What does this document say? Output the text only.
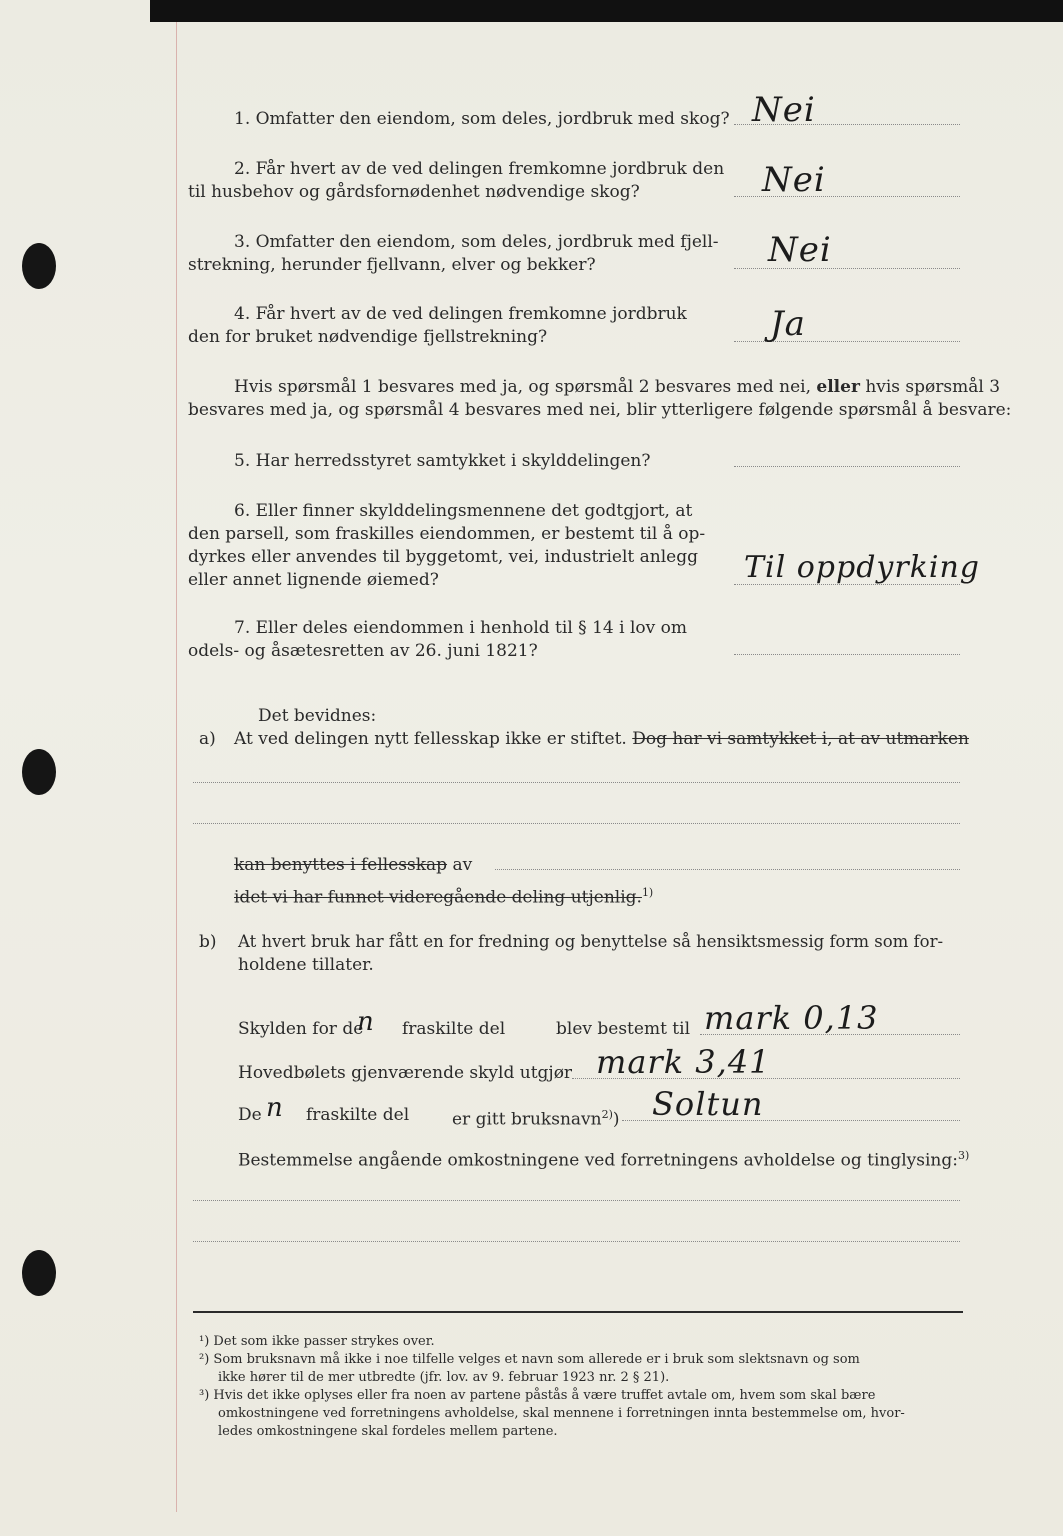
1. Omfatter den eiendom, som deles, jordbruk med skog? Nei
2. Får hvert av de ved delingen fremkomne jordbruk den
til husbehov og gårdsfornødenhet nødvendige skog?	Nei
3. Omfatter den eiendom, som deles, jordbruk med fjell-
strekning, herunder fjellvann, elver og bekker?	Nei
4. Får hvert av de ved delingen fremkomne jordbruk
den for bruket nødvendige fjellstrekning?	Ja
Hvis spørsmål 1 besvares med ja, og spørsmål 2 besvares med nei, eller hvis spørsmål 3
besvares med ja, og spørsmål 4 besvares med nei, blir ytterligere følgende spørsmål å besvare:
5. Har herredsstyret samtykket i skylddelingen?
6. Eller finner skylddelingsmennene det godtgjort, at
den parsell, som fraskilles eiendommen, er bestemt til å op-
dyrkes eller anvendes til byggetomt, vei, industrielt anlegg
eller annet lignende øiemed?	Til oppdyrking
7. Eller deles eiendommen i henhold til § 14 i lov om
odels- og åsætesretten av 26. juni 1821?
Det bevidnes:
a) At ved delingen nytt fellesskap ikke er stiftet. Dog har vi samtykket i, at av utmarken
kan benyttes i fellesskap av
idet vi har funnet videregående deling utjenlig.$^{1)}$
b) At hvert bruk har fått en for fredning og benyttelse så hensiktsmessig form som for-
holdene tillater.
Skylden for de
n fraskilte del	blev bestemt til mark 0,13
Hovedbølets gjenværende skyld utgjør mark 3,41
De n fraskilte del	er gitt bruksnavn$^{2)}$) Soltun
Bestemmelse angående omkostningene ved forretningens avholdelse og tinglysing:$^{3)}$
¹) Det som ikke passer strykes over.
²) Som bruksnavn må ikke i noe tilfelle velges et navn som allerede er i bruk som slektsnavn og som
ikke hører til de mer utbredte (jfr. lov. av 9. februar 1923 nr. 2 § 21).
³) Hvis det ikke oplyses eller fra noen av partene påstås å være truffet avtale om, hvem som skal bære
omkostningene ved forretningens avholdelse, skal mennene i forretningen innta bestemmelse om, hvor-
ledes omkostningene skal fordeles mellem partene.
